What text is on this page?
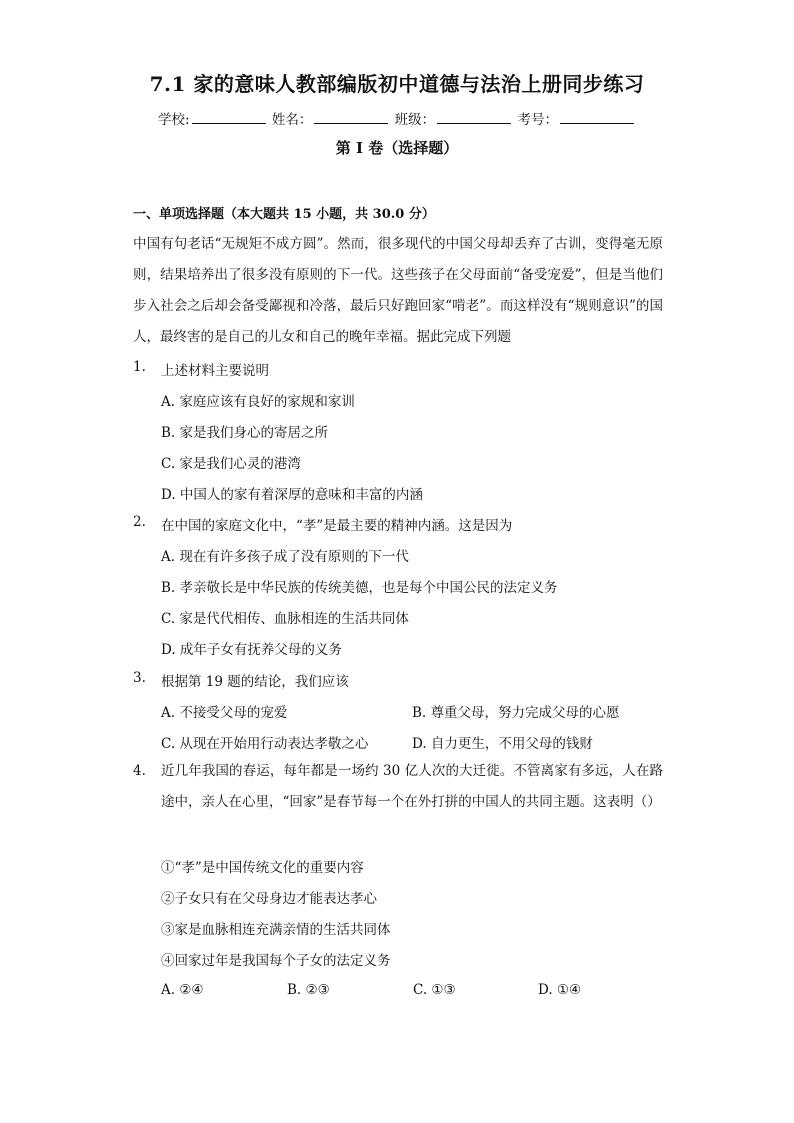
7.1 家的意味人教部编版初中道德与法治上册同步练习
学校:	姓名：	班级：	考号：
第 I 卷（选择题）
一、单项选择题（本大题共 15 小题，共 30.0 分）
中国有句老话“无规矩不成方圆”。然而，很多现代的中国父母却丢弃了古训，变得毫无原则，结果培养出了很多没有原则的下一代。这些孩子在父母面前“备受宠爱”，但是当他们步入社会之后却会备受鄙视和冷落，最后只好跑回家“啃老”。而这样没有“规则意识”的国人，最终害的是自己的儿女和自己的晚年幸福。据此完成下列题
1. 上述材料主要说明
A. 家庭应该有良好的家规和家训
B. 家是我们身心的寄居之所
C. 家是我们心灵的港湾
D. 中国人的家有着深厚的意味和丰富的内涵
2. 在中国的家庭文化中，“孝”是最主要的精神内涵。这是因为
A. 现在有许多孩子成了没有原则的下一代
B. 孝亲敬长是中华民族的传统美德，也是每个中国公民的法定义务
C. 家是代代相传、血脉相连的生活共同体
D. 成年子女有抚养父母的义务
3. 根据第 19 题的结论，我们应该
A. 不接受父母的宠爱	B. 尊重父母，努力完成父母的心愿
C. 从现在开始用行动表达孝敬之心	D. 自力更生，不用父母的钱财
4. 近几年我国的春运，每年都是一场约 30 亿人次的大迁徙。不管离家有多远，人在路途中，亲人在心里，“回家”是春节每一个在外打拼的中国人的共同主题。这表明（）
①“孝”是中国传统文化的重要内容
②子女只有在父母身边才能表达孝心
③家是血脉相连充满亲情的生活共同体
④回家过年是我国每个子女的法定义务
A. ②④	B. ②③	C. ①③	D. ①④
